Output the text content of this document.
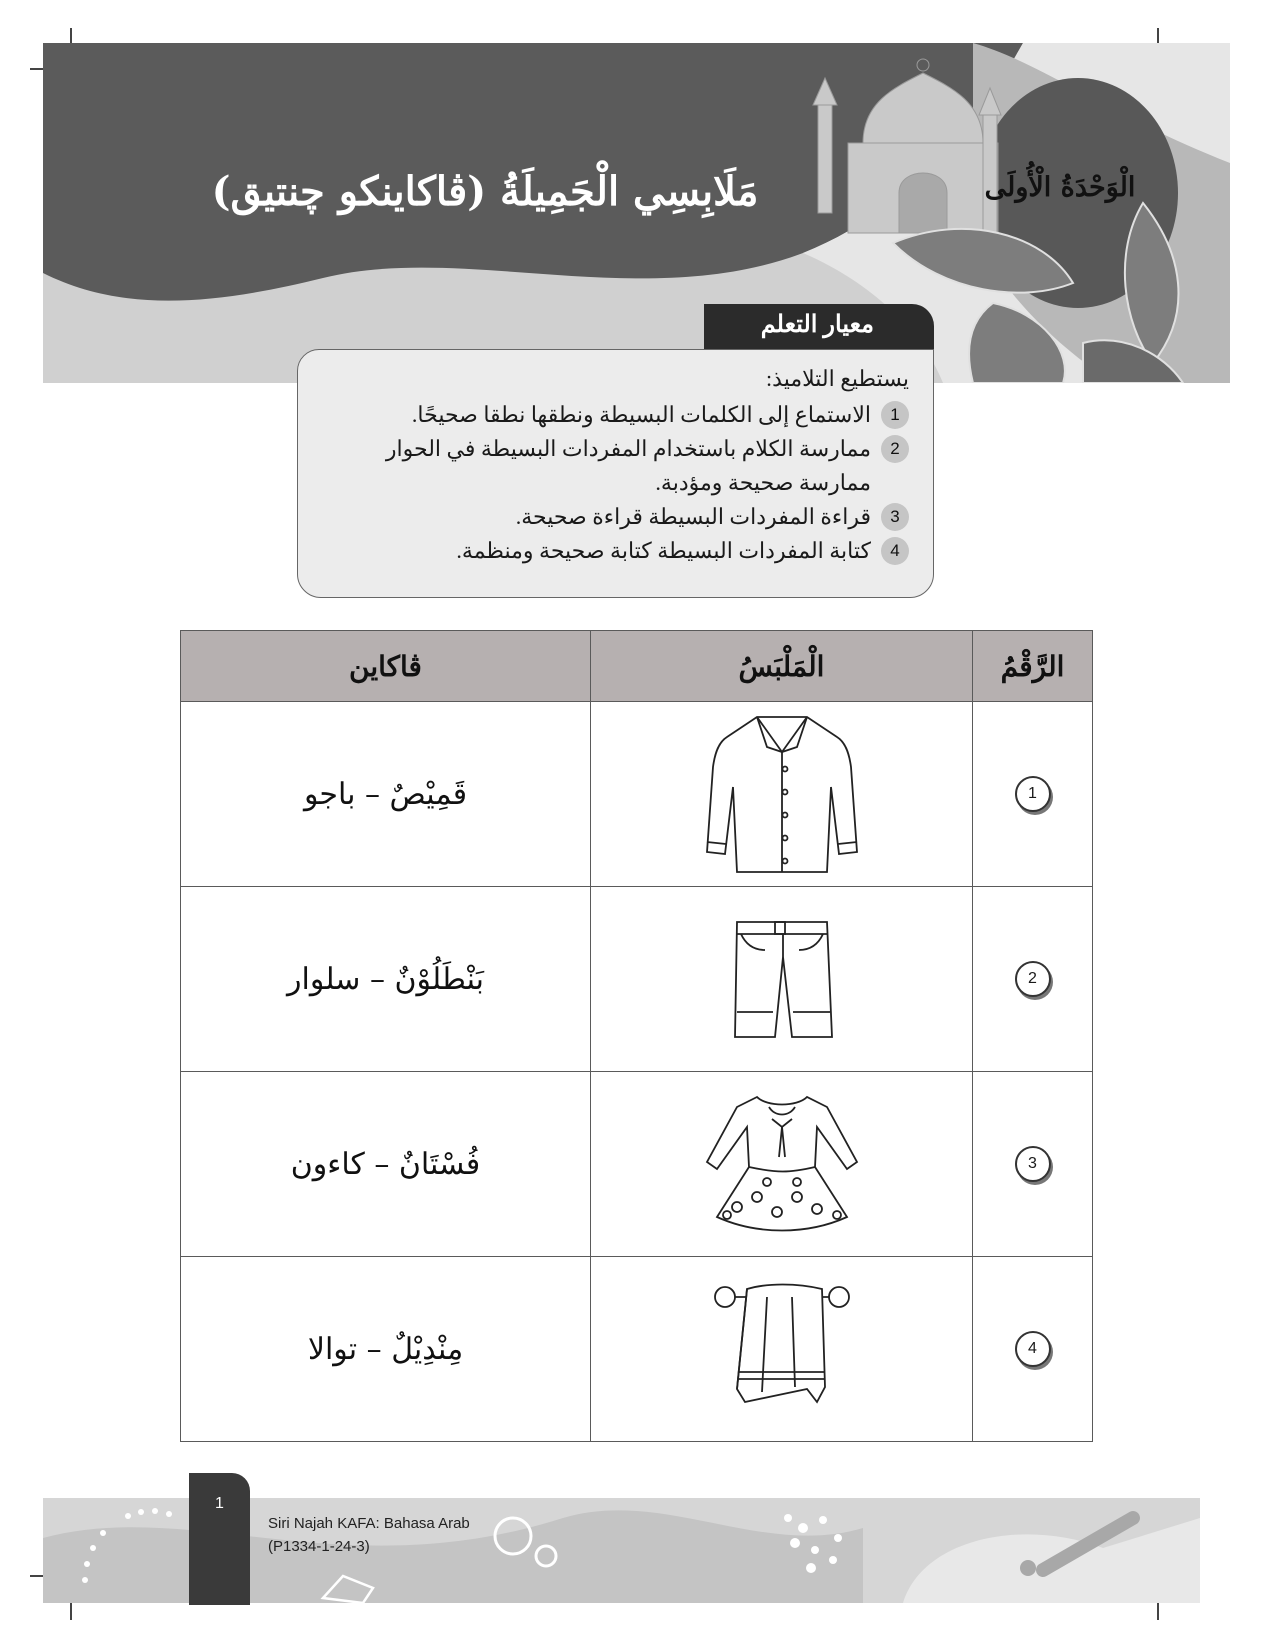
مَلَابِسِي الْجَمِيلَةُ (ڤاكاينكو چنتيق)	الْوَحْدَةُ الْأُولَى
معيار التعلم
يستطيع التلاميذ:
1
الاستماع إلى الكلمات البسيطة ونطقها نطقا صحيحًا.
2
ممارسة الكلام باستخدام المفردات البسيطة في الحوار ممارسة صحيحة ومؤدبة.
3
قراءة المفردات البسيطة قراءة صحيحة.
4
كتابة المفردات البسيطة كتابة صحيحة ومنظمة.
ڤاكاين	الْمَلْبَسُ	الرَّقْمُ
قَمِيْصٌ – باجو		1
بَنْطَلُوْنٌ – سلوار		2
فُسْتَانٌ – کاءون		3
مِنْدِيْلٌ – توالا		4
1
Siri Najah KAFA: Bahasa Arab
(P1334-1-24-3)
